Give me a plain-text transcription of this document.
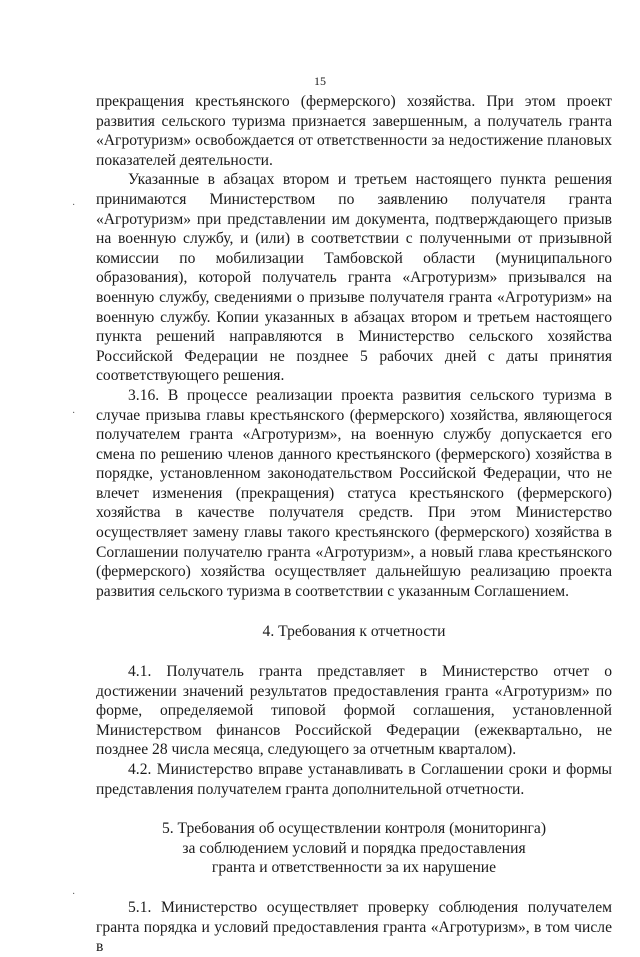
15
·
·
·

прекращения крестьянского (фермерского) хозяйства. При этом проект развития сельского туризма признается завершенным, а получатель гранта «Агротуризм» освобождается от ответственности за недостижение плановых показателей деятельности.

Указанные в абзацах втором и третьем настоящего пункта решения принимаются Министерством по заявлению получателя гранта «Агротуризм» при представлении им документа, подтверждающего призыв на военную службу, и (или) в соответствии с полученными от призывной комиссии по мобилизации Тамбовской области (муниципального образования), которой получатель гранта «Агротуризм» призывался на военную службу, сведениями о призыве получателя гранта «Агротуризм» на военную службу. Копии указанных в абзацах втором и третьем настоящего пункта решений направляются в Министерство сельского хозяйства Российской Федерации не позднее 5 рабочих дней с даты принятия соответствующего решения.

3.16. В процессе реализации проекта развития сельского туризма в случае призыва главы крестьянского (фермерского) хозяйства, являющегося получателем гранта «Агротуризм», на военную службу допускается его смена по решению членов данного крестьянского (фермерского) хозяйства в порядке, установленном законодательством Российской Федерации, что не влечет изменения (прекращения) статуса крестьянского (фермерского) хозяйства в качестве получателя средств. При этом Министерство осуществляет замену главы такого крестьянского (фермерского) хозяйства в Соглашении получателю гранта «Агротуризм», а новый глава крестьянского (фермерского) хозяйства осуществляет дальнейшую реализацию проекта развития сельского туризма в соответствии с указанным Соглашением.

4. Требования к отчетности

4.1. Получатель гранта представляет в Министерство отчет о достижении значений результатов предоставления гранта «Агротуризм» по форме, определяемой типовой формой соглашения, установленной Министерством финансов Российской Федерации (ежеквартально, не позднее 28 числа месяца, следующего за отчетным кварталом).

4.2. Министерство вправе устанавливать в Соглашении сроки и формы представления получателем гранта дополнительной отчетности.

5. Требования об осуществлении контроля (мониторинга)
за соблюдением условий и порядка предоставления
гранта и ответственности за их нарушение

5.1. Министерство осуществляет проверку соблюдения получателем гранта порядка и условий предоставления гранта «Агротуризм», в том числе в
